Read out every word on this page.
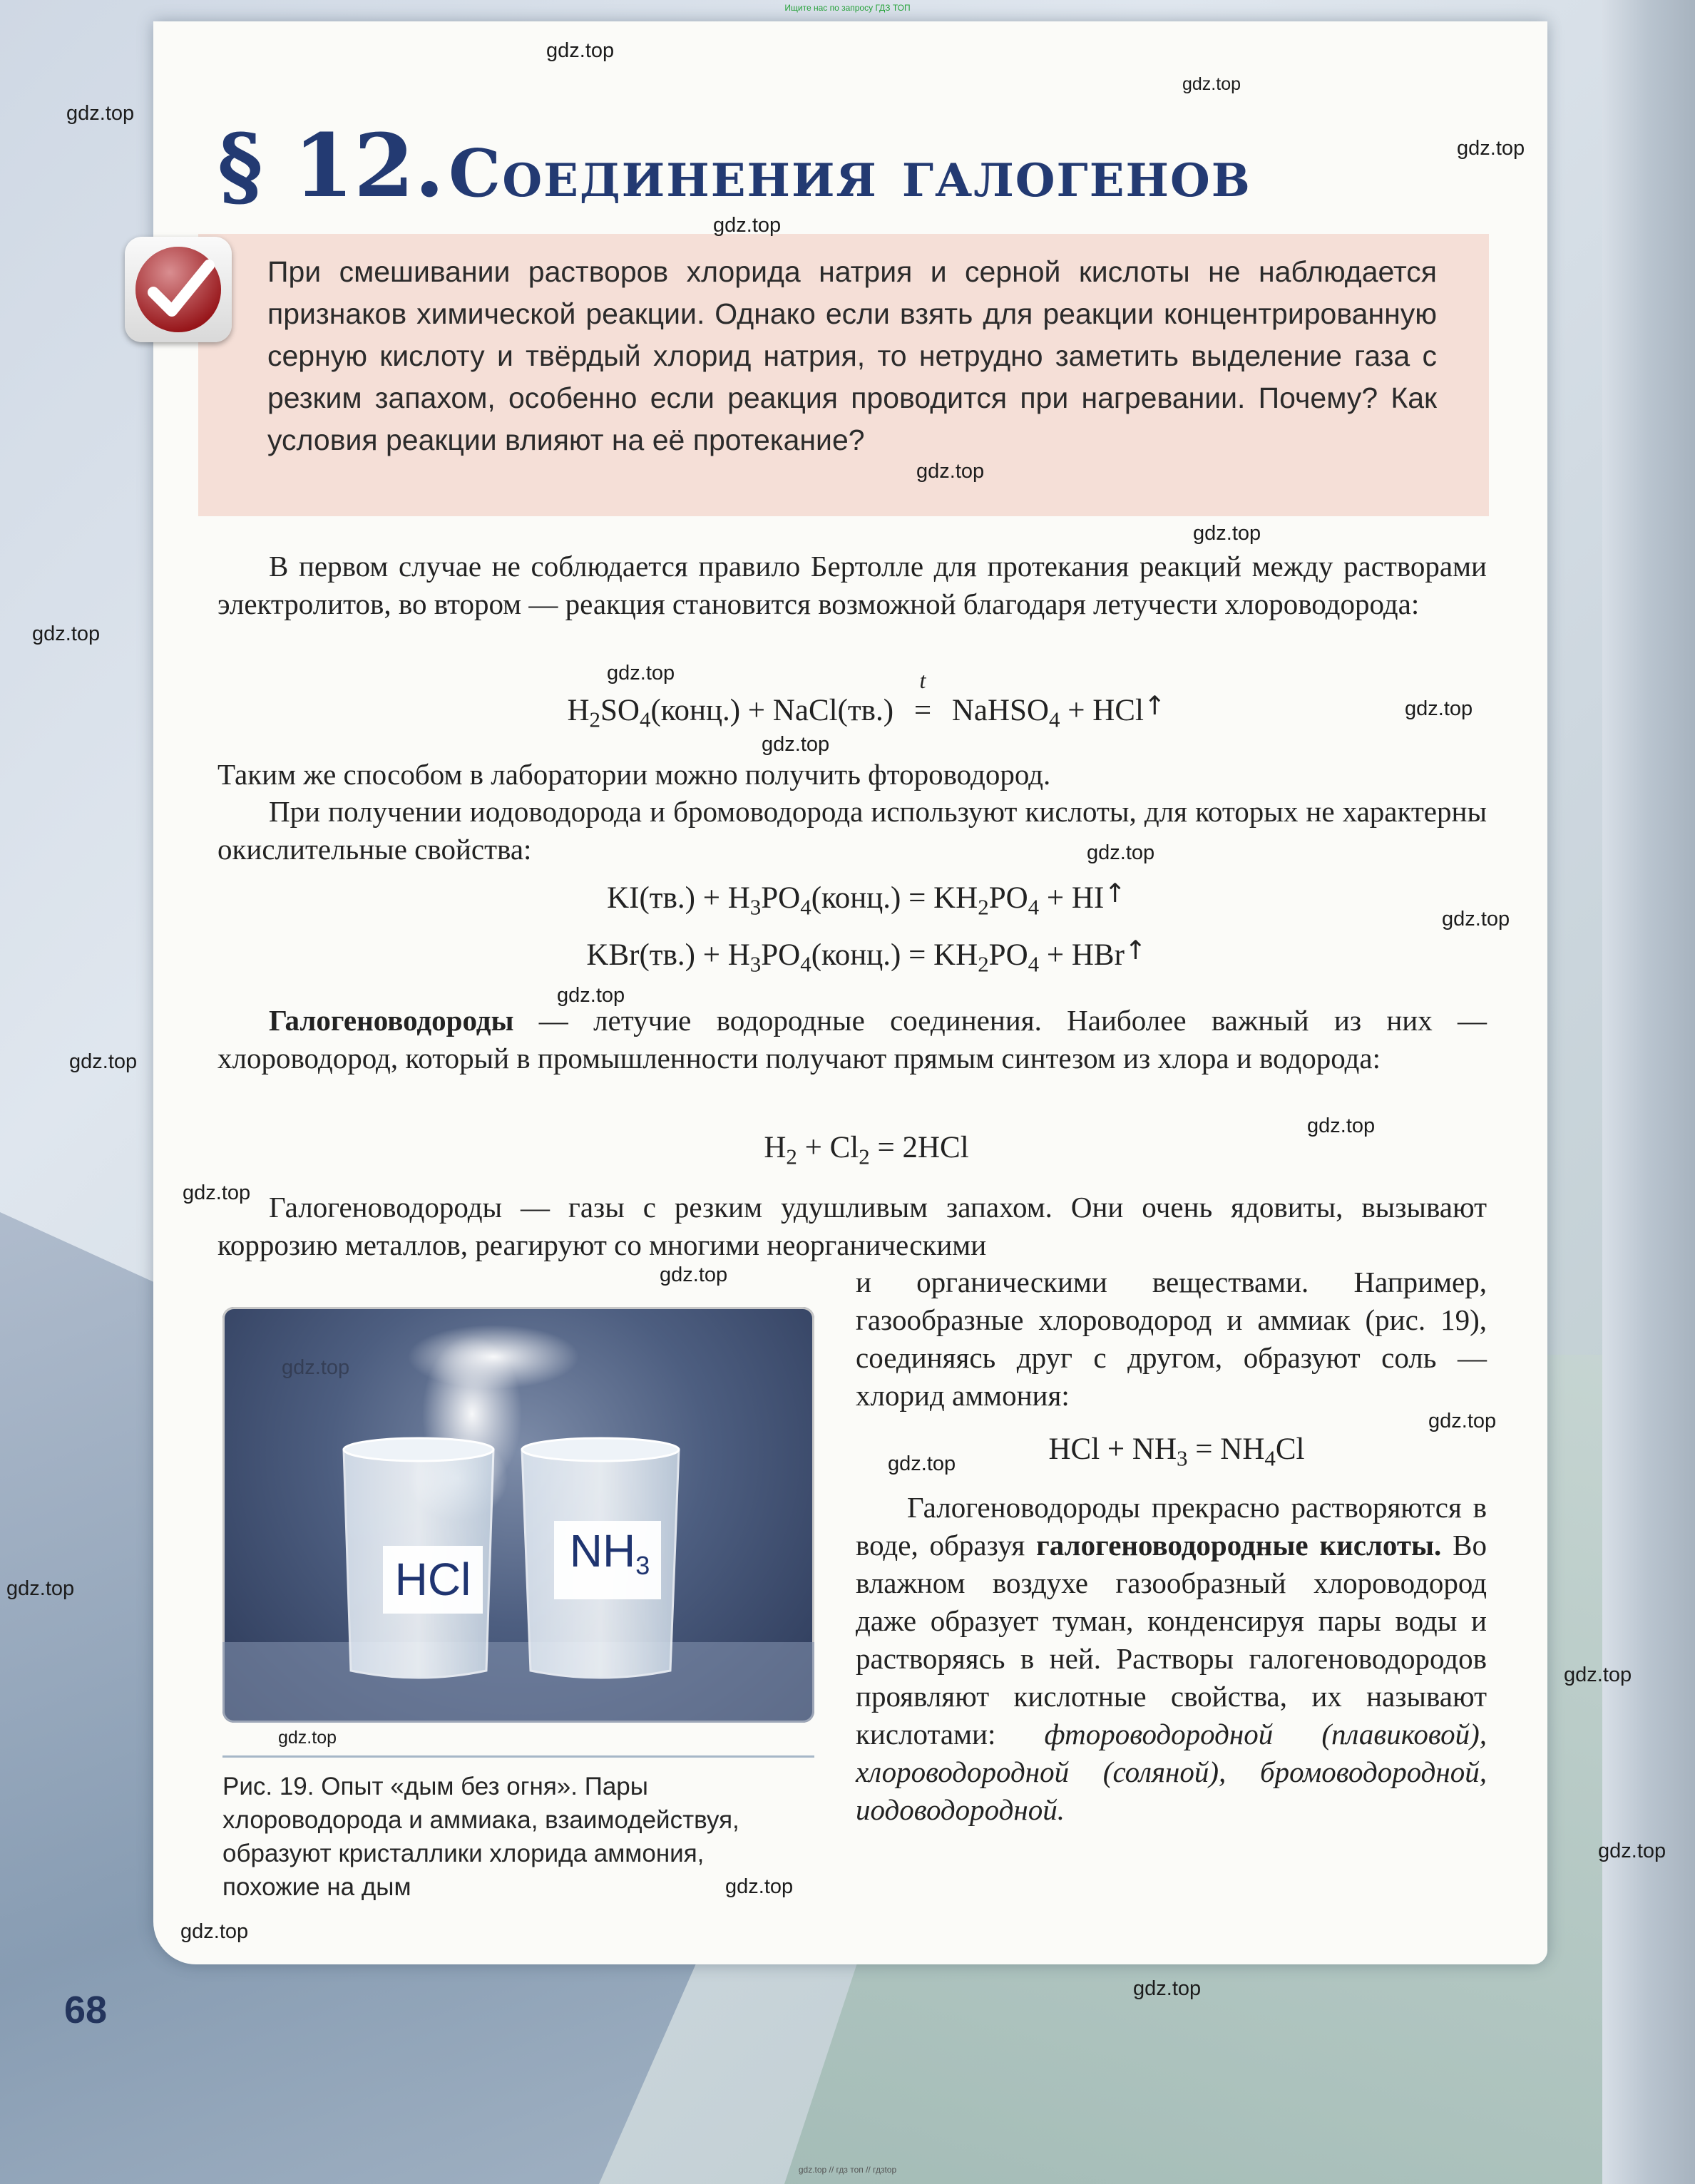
Ищите нас по запросу ГДЗ ТОП
§ 12. Соединения галогенов

При смешивании растворов хлорида натрия и серной кислоты не наблюдается признаков химической реакции. Однако если взять для реакции концентрированную серную кислоту и твёрдый хлорид натрия, то нетрудно заметить выделение газа с резким запахом, особенно если реакция проводится при нагревании. Почему? Как условия реакции влияют на её протекание?

В первом случае не соблюдается правило Бертолле для протекания реакций между растворами электролитов, во втором — реакция становится возможной благодаря летучести хлороводорода:

$H_2SO_4(конц.)$ + NaCl(тв.)
t
= NaHSO$_4$ + HCl↑

Таким же способом в лаборатории можно получить фтороводород.

При получении иодоводорода и бромоводорода используют кислоты, для которых не характерны окислительные свойства:

$KI(тв.) + H_3PO_4(конц.) = KH_2PO_4$ + HI↑
$KBr(тв.) + H_3PO_4(конц.) = KH_2PO_4$ + HBr↑

Галогеноводороды — летучие водородные соединения. Наиболее важный из них — хлороводород, который в промышленности получают прямым синтезом из хлора и водорода:

$H_2 + Cl_2 = 2HCl$

Галогеноводороды — газы с резким удушливым запахом. Они очень ядовиты, вызывают коррозию металлов, реагируют со многими неорганическими

и органическими веществами. Например, газообразные хлороводород и аммиак (рис. 19), соединяясь друг с другом, образуют соль — хлорид аммония:

HCl + $NH_3 = NH_4Cl$

Галогеноводороды прекрасно растворяются в воде, образуя галогеноводородные кислоты. Во влажном воздухе газообразный хлороводород даже образует туман, конденсируя пары воды и растворяясь в ней. Растворы галогеноводородов проявляют кислотные свойства, их называют кислотами: фтороводородной (плавиковой), хлороводородной (соляной), бромоводородной, иодоводородной.

HCl
$NH_3$

Рис. 19. Опыт «дым без огня». Пары хлороводорода и аммиака, взаимодействуя, образуют кристаллики хлорида аммония, похожие на дым

68
gdz.top // гдз топ // гдзtop
gdz.top
gdz.top
gdz.top
gdz.top
gdz.top
gdz.top
gdz.top
gdz.top
gdz.top
gdz.top
gdz.top
gdz.top
gdz.top
gdz.top
gdz.top
gdz.top
gdz.top
gdz.top
gdz.top
gdz.top
gdz.top
gdz.top
gdz.top
gdz.top
gdz.top
gdz.top
gdz.top
gdz.top
